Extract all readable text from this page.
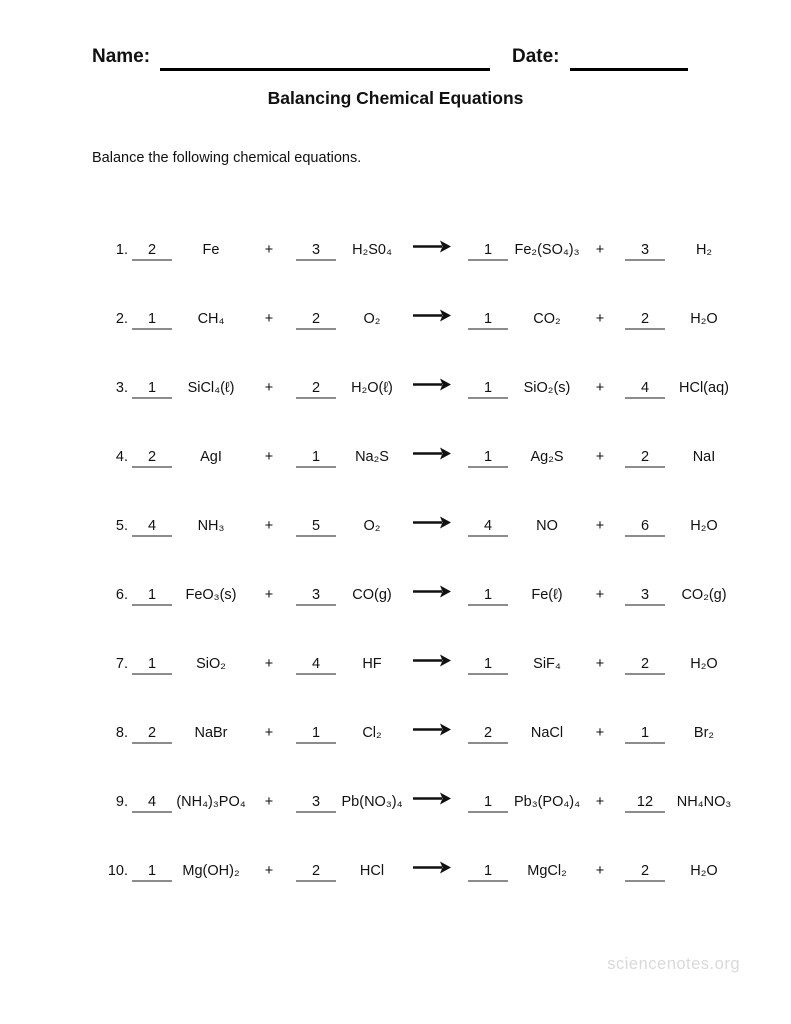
Name:	Date:
Balancing Chemical Equations

Balance the following chemical equations.

1.	2	Fe	+	3	H₂S0₄ →	1	Fe₂(SO₄)₃	+	3	H₂
2.	1	CH₄	+	2	O₂	1	CO₂	+	2	H₂O
3.	1	SiCl₄(ℓ)	+	2	H₂O(ℓ) →	1	SiO₂(s)	+	4	HCl(aq)
4.	2	AgI	+	1	Na₂S	→	1	Ag₂S	+	2	NaI
5.	4	NH₃	+	5	O₂	4	NO	+	6	H₂O
6.	1	FeO₃(s)	+	3	CO(g) →	1	Fe(ℓ)	+	3	CO₂(g)
7.	1	SiO₂	+	4	HF	1	SiF₄	+	2	H₂O
8.	2	NaBr	+	1	Cl₂	2	NaCl	+	1	Br₂
9.	4	(NH₄)₃PO₄	+	3	Pb(NO₃)₄ →	1	Pb₃(PO₄)₄	+	12	NH₄NO₃
10.	1	Mg(OH)₂	+	2	HCl	→	1	MgCl₂	+	2	H₂O
sciencenotes.org
